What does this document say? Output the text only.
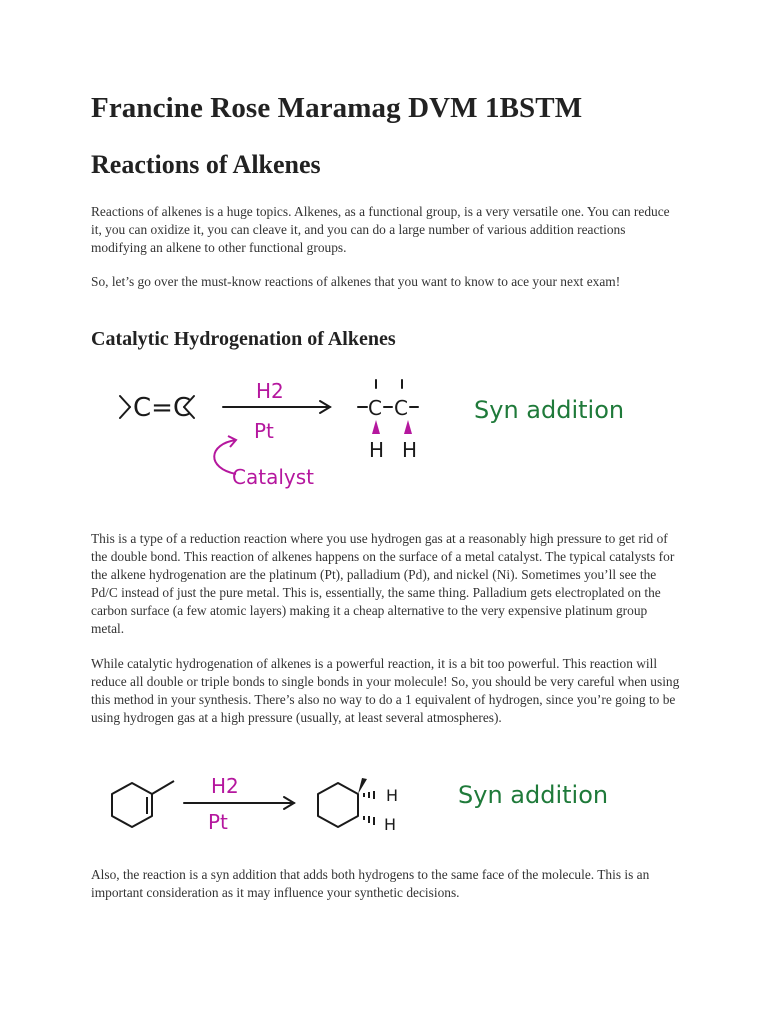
Francine Rose Maramag DVM 1BSTM
Reactions of Alkenes

Reactions of alkenes is a huge topics. Alkenes, as a functional group, is a very versatile one. You can reduce it, you can oxidize it, you can cleave it, and you can do a large number of various addition reactions modifying an alkene to other functional groups.

So, let’s go over the must-know reactions of alkenes that you want to know to ace your next exam!

Catalytic Hydrogenation of Alkenes
C=C
H2
Pt
Catalyst
C C
H H
Syn addition

This is a type of a reduction reaction where you use hydrogen gas at a reasonably high pressure to get rid of the double bond. This reaction of alkenes happens on the surface of a metal catalyst. The typical catalysts for the alkene hydrogenation are the platinum (Pt), palladium (Pd), and nickel (Ni). Sometimes you’ll see the Pd/C instead of just the pure metal. This is, essentially, the same thing. Palladium gets electroplated on the carbon surface (a few atomic layers) making it a cheap alternative to the very expensive platinum group metal.

While catalytic hydrogenation of alkenes is a powerful reaction, it is a bit too powerful. This reaction will reduce all double or triple bonds to single bonds in your molecule! So, you should be very careful when using this method in your synthesis. There’s also no way to do a 1 equivalent of hydrogen, since you’re going to be using hydrogen gas at a high pressure (usually, at least several atmospheres).

H2
Pt
H
H
Syn addition

Also, the reaction is a syn addition that adds both hydrogens to the same face of the molecule. This is an important consideration as it may influence your synthetic decisions.
